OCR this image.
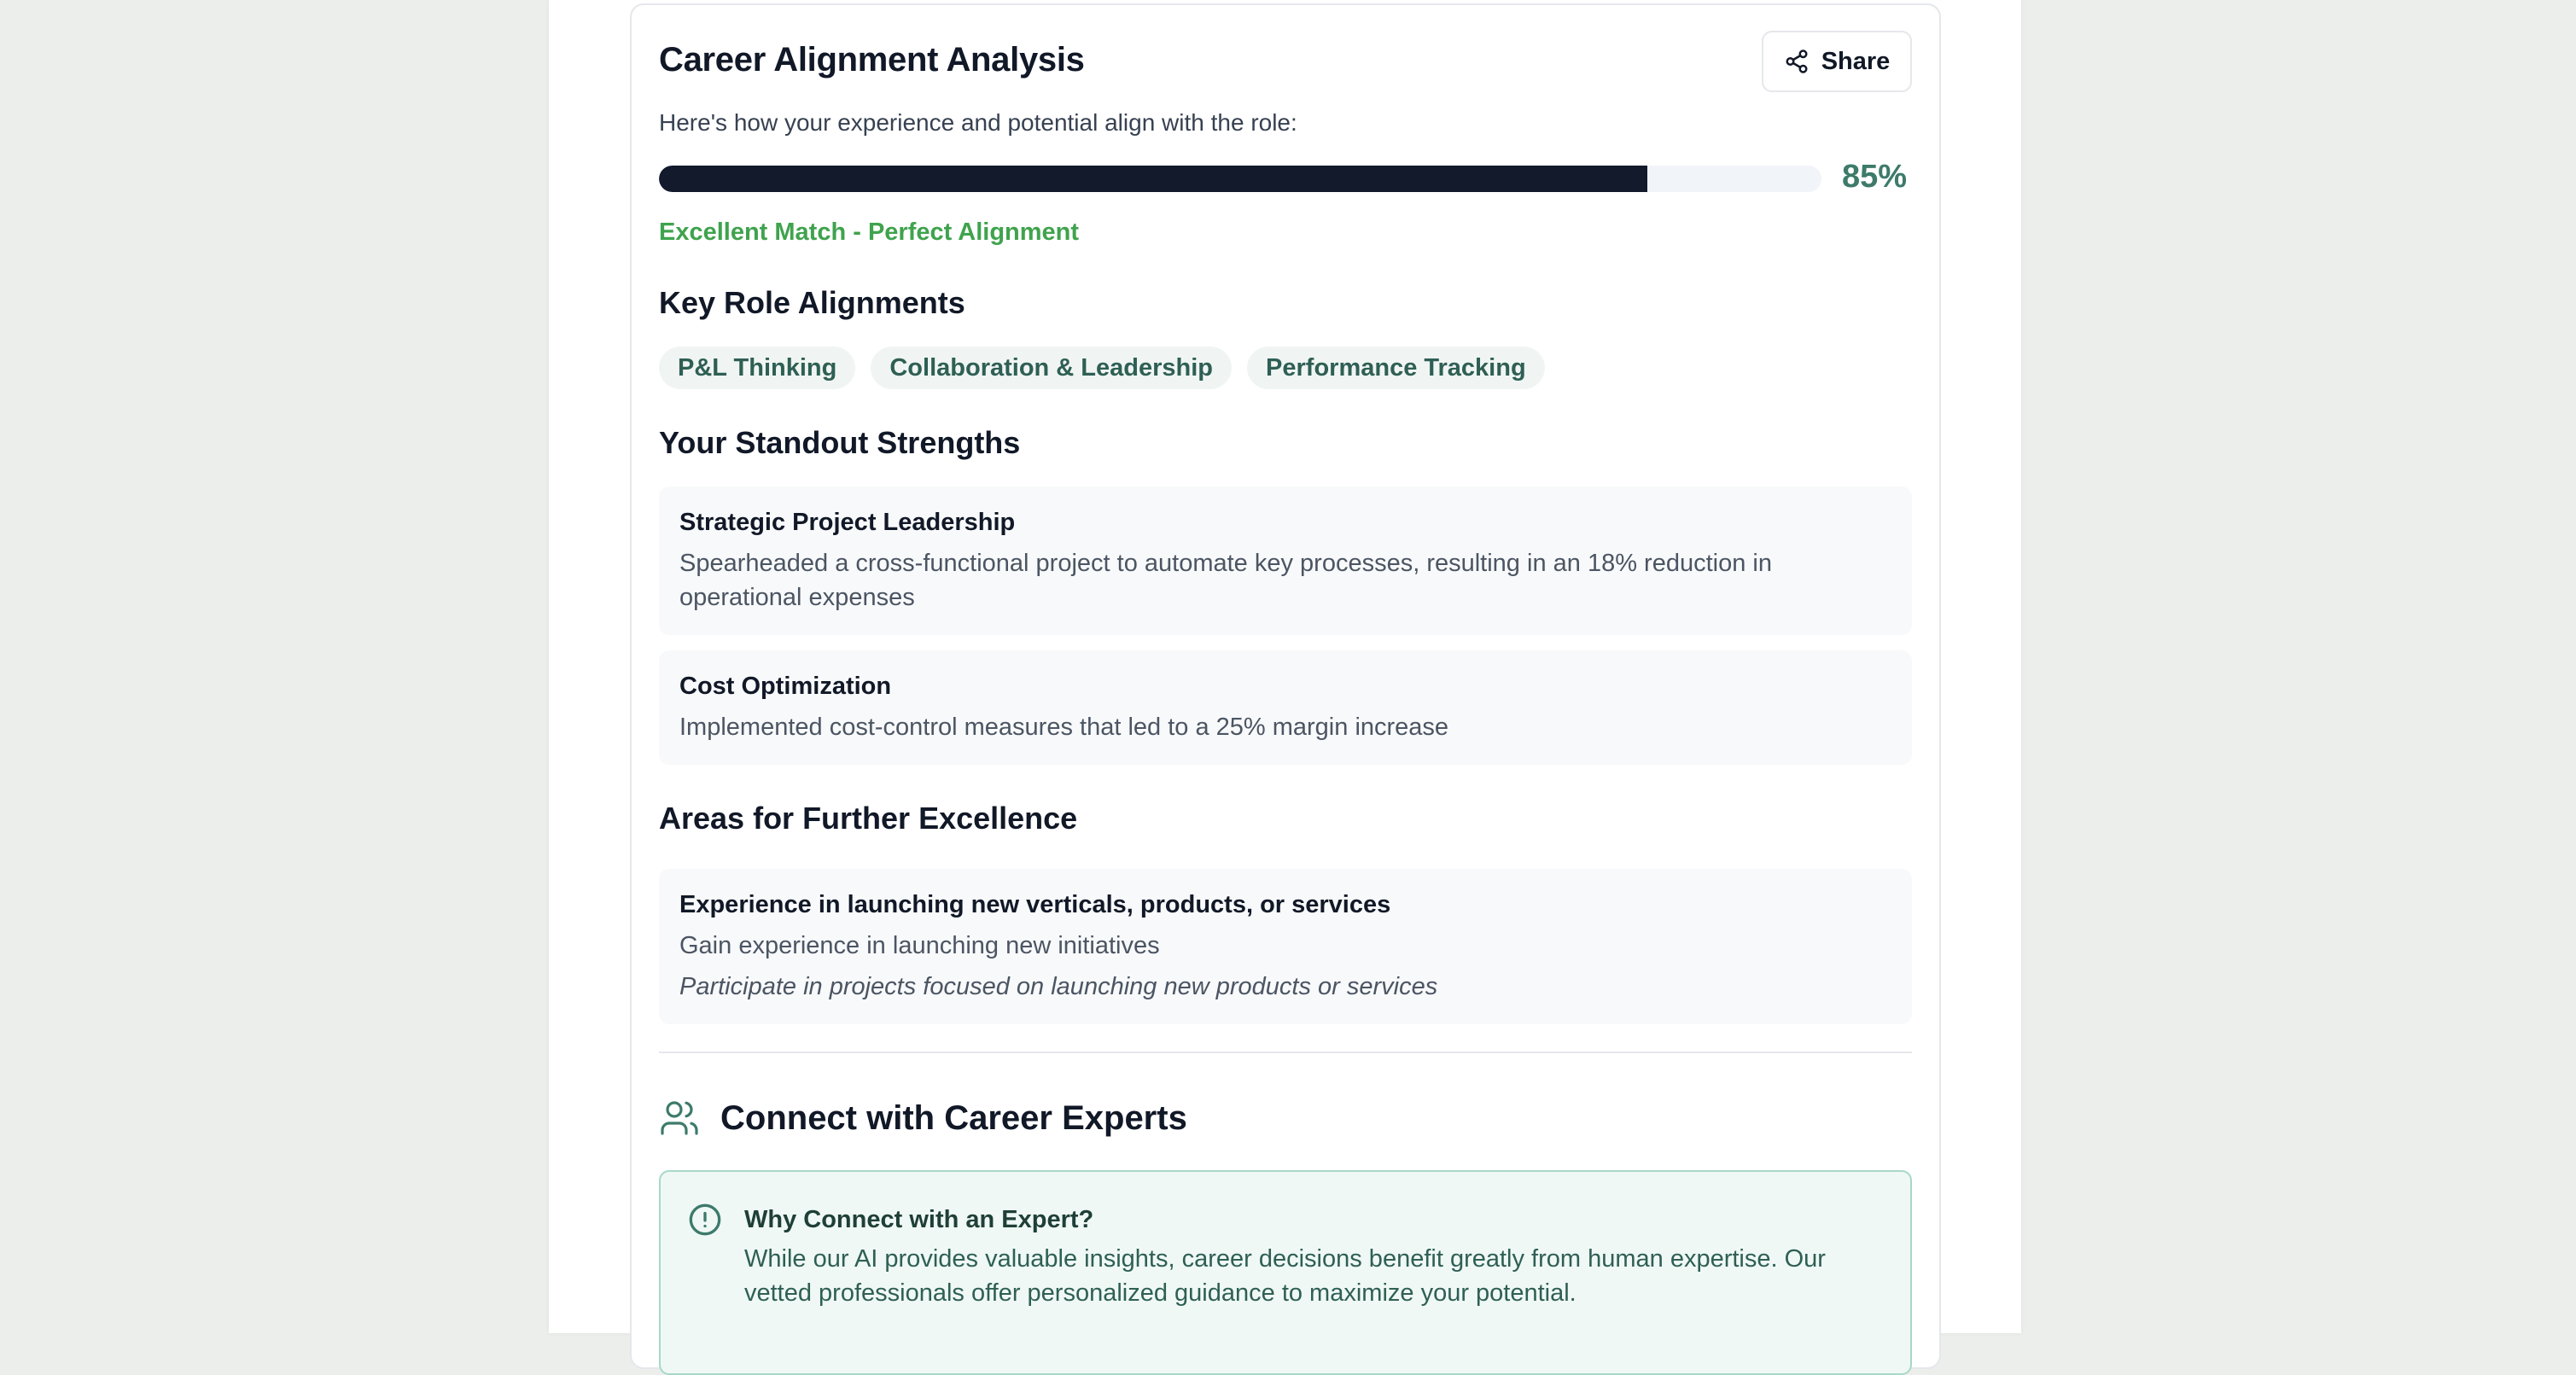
Career Alignment Analysis	Share
Here's how your experience and potential align with the role:
85%
Excellent Match - Perfect Alignment
Key Role Alignments
P&L Thinking	Collaboration & Leadership	Performance Tracking
Your Standout Strengths
Strategic Project Leadership
Spearheaded a cross-functional project to automate key processes, resulting in an 18% reduction in operational expenses
Cost Optimization
Implemented cost-control measures that led to a 25% margin increase
Areas for Further Excellence
Experience in launching new verticals, products, or services
Gain experience in launching new initiatives
Participate in projects focused on launching new products or services
Connect with Career Experts
Why Connect with an Expert?
While our AI provides valuable insights, career decisions benefit greatly from human expertise. Our vetted professionals offer personalized guidance to maximize your potential.
